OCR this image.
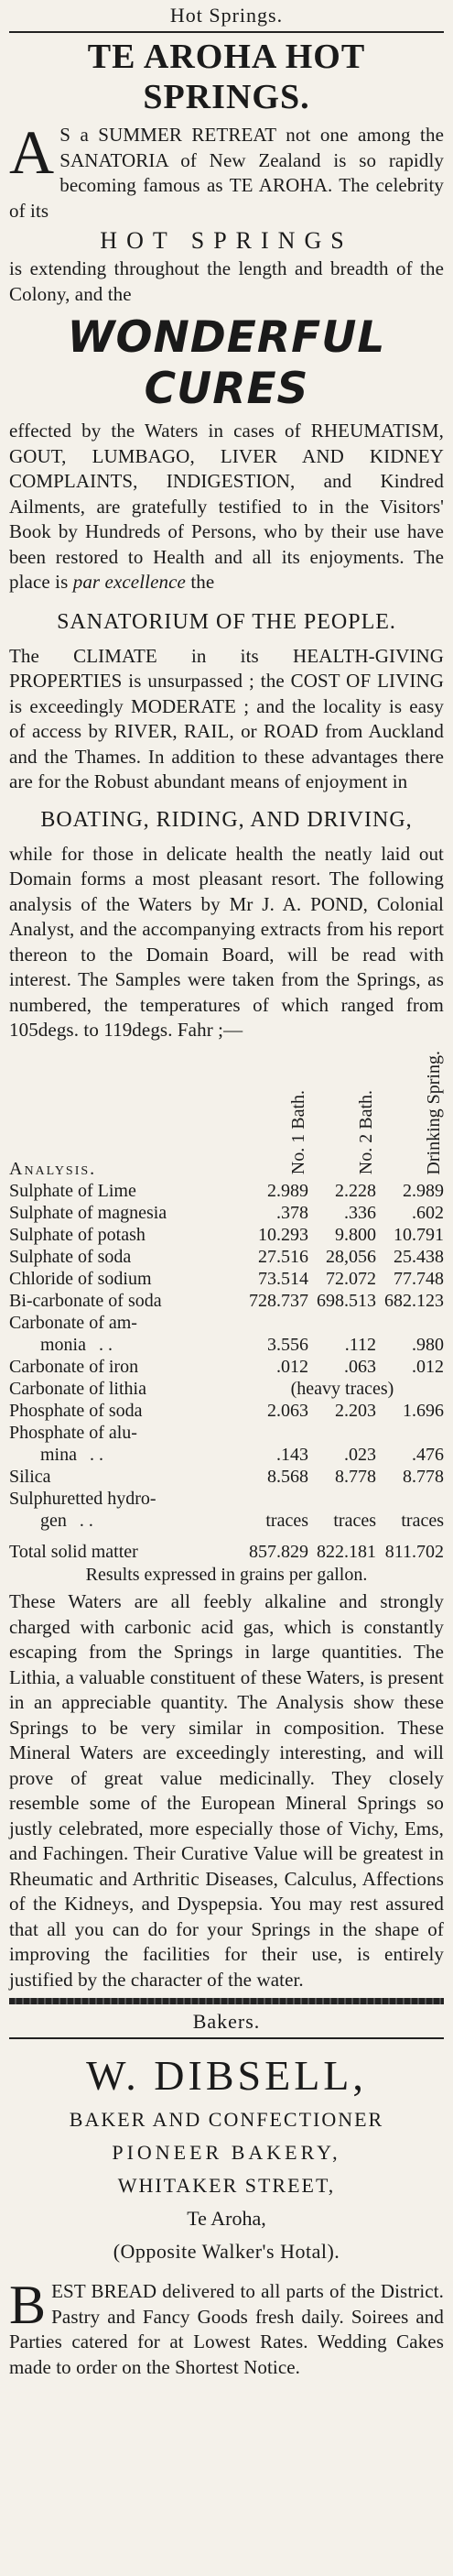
Hot Springs.

TE AROHA HOT SPRINGS.

A S a SUMMER RETREAT not one among the SANATORIA of New Zealand is so rapidly becoming famous as TE AROHA. The celebrity of its

HOT SPRINGS

is extending throughout the length and breadth of the Colony, and the

WONDERFUL CURES

effected by the Waters in cases of RHEUMATISM, GOUT, LUMBAGO, LIVER AND KIDNEY COMPLAINTS, INDIGESTION, and Kindred Ailments, are gratefully testified to in the Visitors' Book by Hundreds of Persons, who by their use have been restored to Health and all its enjoyments. The place is par excellence the

SANATORIUM OF THE PEOPLE.

The CLIMATE in its HEALTH-GIVING PROPERTIES is unsurpassed ; the COST OF LIVING is exceedingly MODERATE ; and the locality is easy of access by RIVER, RAIL, or ROAD from Auckland and the Thames. In addition to these advantages there are for the Robust abundant means of enjoyment in

BOATING, RIDING, AND DRIVING,

while for those in delicate health the neatly laid out Domain forms a most pleasant resort. The following analysis of the Waters by Mr J. A. POND, Colonial Analyst, and the accompanying extracts from his report thereon to the Domain Board, will be read with interest. The Samples were taken from the Springs, as numbered, the temperatures of which ranged from 105degs. to 119degs. Fahr ;—

Analysis.	No. 1 Bath.	No. 2 Bath.	Drinking Spring.
Sulphate of Lime	2.989	2.228	2.989
Sulphate of magnesia	.378	.336	.602
Sulphate of potash	10.293	9.800	10.791
Sulphate of soda	27.516	28,056	25.438
Chloride of sodium	73.514	72.072	77.748
Bi-carbonate of soda	728.737	698.513	682.123
Carbonate of am-			
monia . .	3.556	.112	.980
Carbonate of iron	.012	.063	.012
Carbonate of lithia	(heavy traces)		
Phosphate of soda	2.063	2.203	1.696
Phosphate of alu-			
mina . .	.143	.023	.476
Silica	8.568	8.778	8.778
Sulphuretted hydro-			
gen . .	traces	traces	traces
Total solid matter	857.829	822.181	811.702

Results expressed in grains per gallon.

These Waters are all feebly alkaline and strongly charged with carbonic acid gas, which is constantly escaping from the Springs in large quantities. The Lithia, a valuable constituent of these Waters, is present in an appreciable quantity. The Analysis show these Springs to be very similar in composition. These Mineral Waters are exceedingly interesting, and will prove of great value medicinally. They closely resemble some of the European Mineral Springs so justly celebrated, more especially those of Vichy, Ems, and Fachingen. Their Curative Value will be greatest in Rheumatic and Arthritic Diseases, Calculus, Affections of the Kidneys, and Dyspepsia. You may rest assured that all you can do for your Springs in the shape of improving the facilities for their use, is entirely justified by the character of the water.

Bakers.

W. DIBSELL,

BAKER AND CONFECTIONER

PIONEER BAKERY,

WHITAKER STREET,

Te Aroha,

(Opposite Walker's Hotal).

BEST BREAD delivered to all parts of the District. Pastry and Fancy Goods fresh daily. Soirees and Parties catered for at Lowest Rates. Wedding Cakes made to order on the Shortest Notice.
